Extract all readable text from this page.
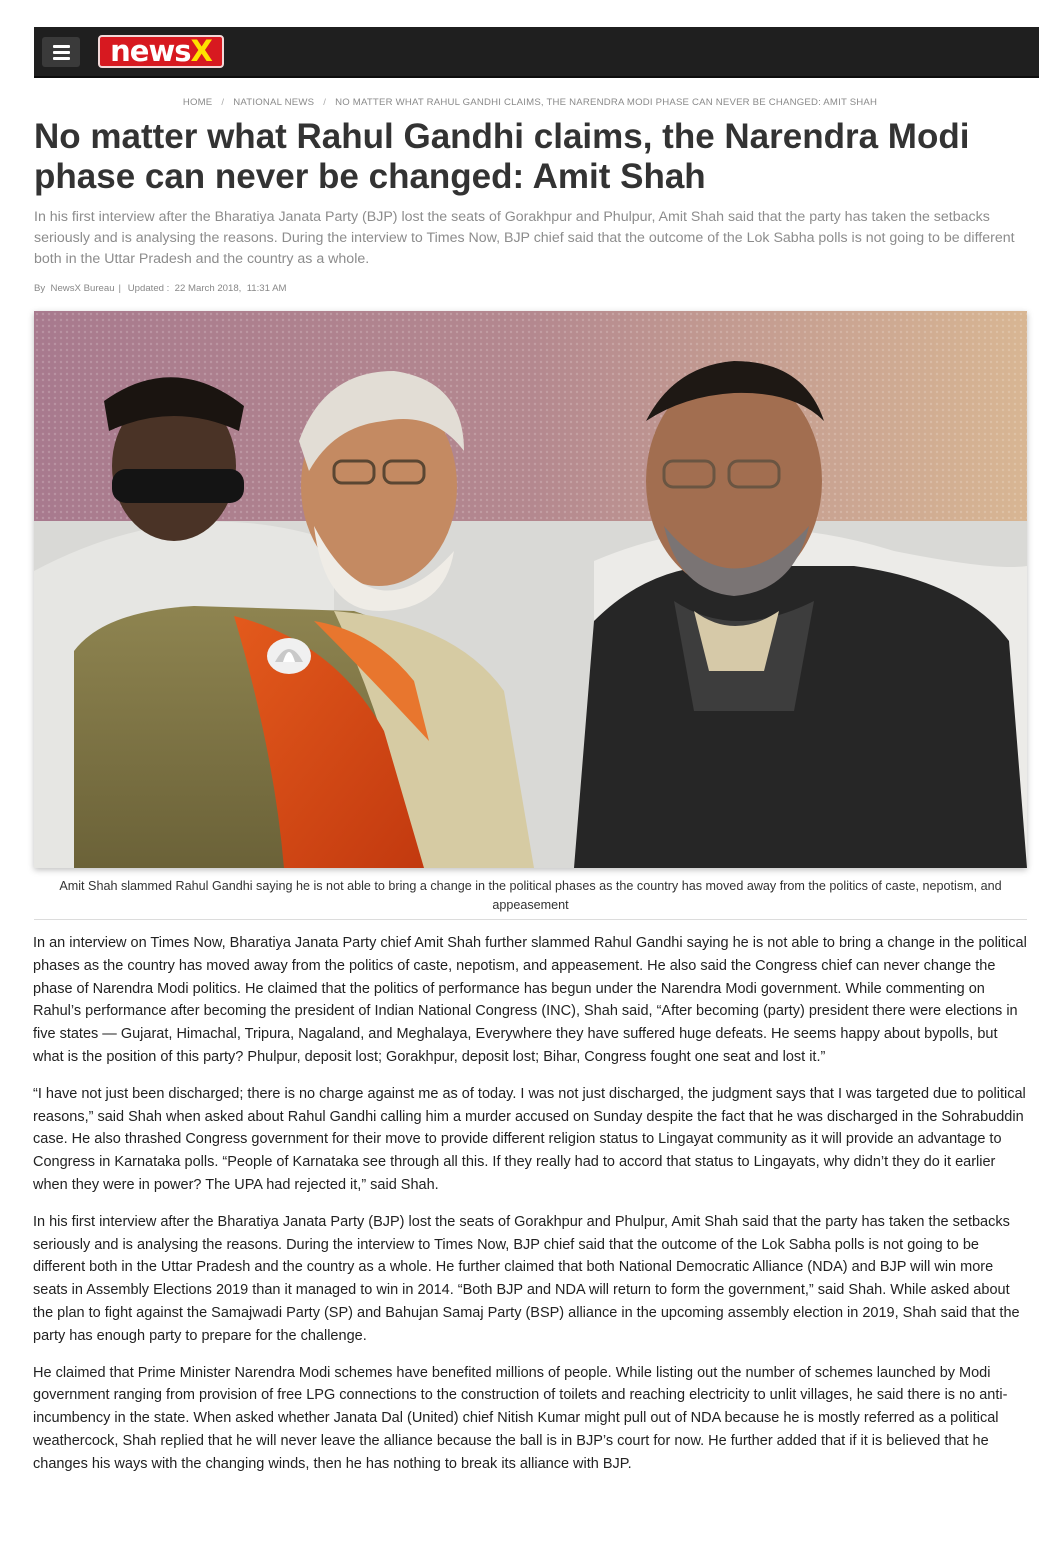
newsX
HOME / NATIONAL NEWS / NO MATTER WHAT RAHUL GANDHI CLAIMS, THE NARENDRA MODI PHASE CAN NEVER BE CHANGED: AMIT SHAH
No matter what Rahul Gandhi claims, the Narendra Modi phase can never be changed: Amit Shah

In his first interview after the Bharatiya Janata Party (BJP) lost the seats of Gorakhpur and Phulpur, Amit Shah said that the party has taken the setbacks seriously and is analysing the reasons. During the interview to Times Now, BJP chief said that the outcome of the Lok Sabha polls is not going to be different both in the Uttar Pradesh and the country as a whole.

By NewsX Bureau | Updated : 22 March 2018, 11:31 AM

Amit Shah slammed Rahul Gandhi saying he is not able to bring a change in the political phases as the country has moved away from the politics of caste, nepotism, and appeasement

In an interview on Times Now, Bharatiya Janata Party chief Amit Shah further slammed Rahul Gandhi saying he is not able to bring a change in the political phases as the country has moved away from the politics of caste, nepotism, and appeasement. He also said the Congress chief can never change the phase of Narendra Modi politics. He claimed that the politics of performance has begun under the Narendra Modi government. While commenting on Rahul’s performance after becoming the president of Indian National Congress (INC), Shah said, “After becoming (party) president there were elections in five states — Gujarat, Himachal, Tripura, Nagaland, and Meghalaya, Everywhere they have suffered huge defeats. He seems happy about bypolls, but what is the position of this party? Phulpur, deposit lost; Gorakhpur, deposit lost; Bihar, Congress fought one seat and lost it.”

“I have not just been discharged; there is no charge against me as of today. I was not just discharged, the judgment says that I was targeted due to political reasons,” said Shah when asked about Rahul Gandhi calling him a murder accused on Sunday despite the fact that he was discharged in the Sohrabuddin case. He also thrashed Congress government for their move to provide different religion status to Lingayat community as it will provide an advantage to Congress in Karnataka polls. “People of Karnataka see through all this. If they really had to accord that status to Lingayats, why didn’t they do it earlier when they were in power? The UPA had rejected it,” said Shah.

In his first interview after the Bharatiya Janata Party (BJP) lost the seats of Gorakhpur and Phulpur, Amit Shah said that the party has taken the setbacks seriously and is analysing the reasons. During the interview to Times Now, BJP chief said that the outcome of the Lok Sabha polls is not going to be different both in the Uttar Pradesh and the country as a whole. He further claimed that both National Democratic Alliance (NDA) and BJP will win more seats in Assembly Elections 2019 than it managed to win in 2014. “Both BJP and NDA will return to form the government,” said Shah. While asked about the plan to fight against the Samajwadi Party (SP) and Bahujan Samaj Party (BSP) alliance in the upcoming assembly election in 2019, Shah said that the party has enough party to prepare for the challenge.

He claimed that Prime Minister Narendra Modi schemes have benefited millions of people. While listing out the number of schemes launched by Modi government ranging from provision of free LPG connections to the construction of toilets and reaching electricity to unlit villages, he said there is no anti-incumbency in the state. When asked whether Janata Dal (United) chief Nitish Kumar might pull out of NDA because he is mostly referred as a political weathercock, Shah replied that he will never leave the alliance because the ball is in BJP’s court for now. He further added that if it is believed that he changes his ways with the changing winds, then he has nothing to break its alliance with BJP.
